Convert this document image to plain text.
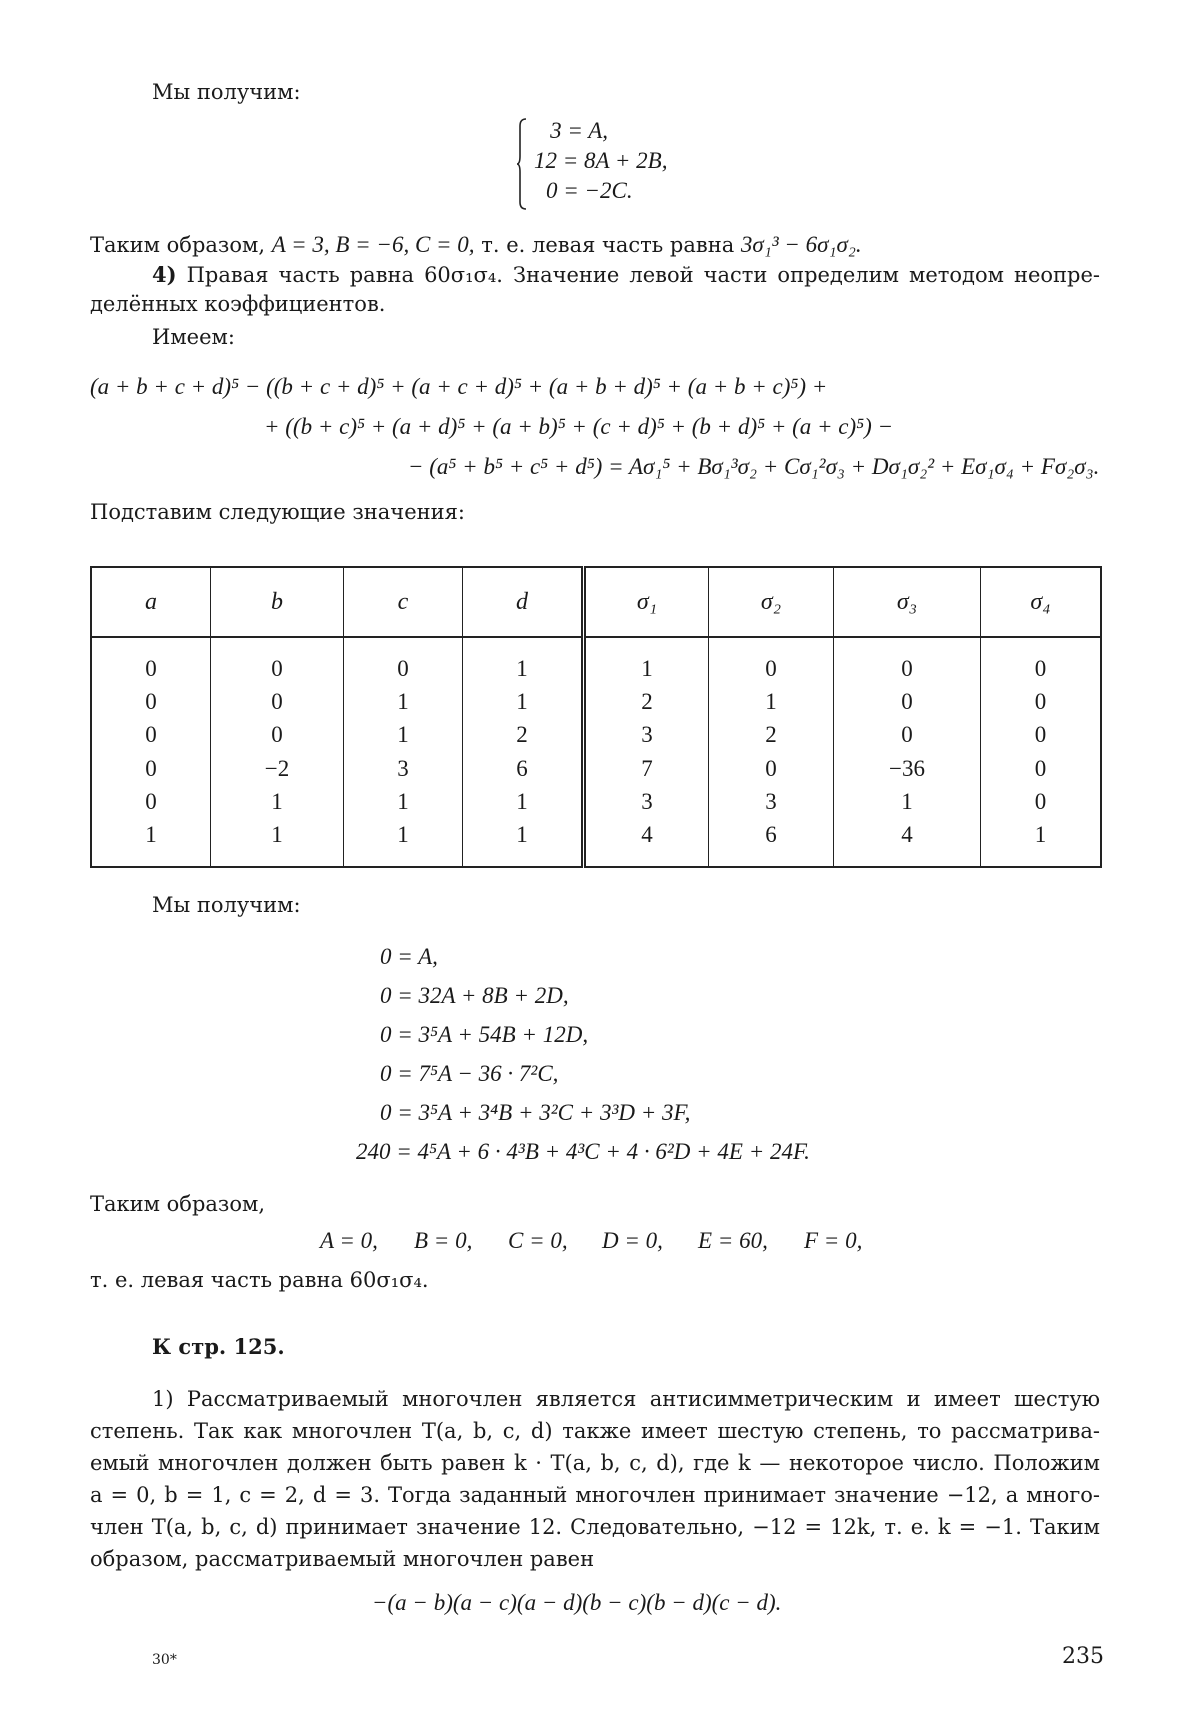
Мы получим:
3 = A,
12 = 8A + 2B,
0 = −2C.
Таким образом, A = 3, B = −6, C = 0, т. е. левая часть равна 3σ₁³ − 6σ₁σ₂.
4) Правая часть равна 60σ₁σ₄. Значение левой части определим методом неопре-
делённых коэффициентов.
Имеем:
(a + b + c + d)⁵ − ((b + c + d)⁵ + (a + c + d)⁵ + (a + b + d)⁵ + (a + b + c)⁵) +
+ ((b + c)⁵ + (a + d)⁵ + (a + b)⁵ + (c + d)⁵ + (b + d)⁵ + (a + c)⁵) −
− (a⁵ + b⁵ + c⁵ + d⁵) = Aσ₁⁵ + Bσ₁³σ₂ + Cσ₁²σ₃ + Dσ₁σ₂² + Eσ₁σ₄ + Fσ₂σ₃.
Подставим следующие значения:
a	b	c	d	σ₁	σ₂	σ₃	σ₄
0	0	0	1	1	0	0	0
0	0	1	1	2	1	0	0
0	0	1	2	3	2	0	0
0	−2	3	6	7	0	−36	0
0	1	1	1	3	3	1	0
1	1	1	1	4	6	4	1
Мы получим:
0 = A,
0 = 32A + 8B + 2D,
0 = 3⁵A + 54B + 12D,
0 = 7⁵A − 36 · 7²C,
0 = 3⁵A + 3⁴B + 3²C + 3³D + 3F,
240 = 4⁵A + 6 · 4³B + 4³C + 4 · 6²D + 4E + 24F.
Таким образом,
A = 0, B = 0, C = 0, D = 0, E = 60, F = 0,
т. е. левая часть равна 60σ₁σ₄.
К стр. 125.
1) Рассматриваемый многочлен является антисимметрическим и имеет шестую
степень. Так как многочлен T(a, b, c, d) также имеет шестую степень, то рассматрива-
емый многочлен должен быть равен k · T(a, b, c, d), где k — некоторое число. Положим
a = 0, b = 1, c = 2, d = 3. Тогда заданный многочлен принимает значение −12, а много-
член T(a, b, c, d) принимает значение 12. Следовательно, −12 = 12k, т. е. k = −1. Таким
образом, рассматриваемый многочлен равен
−(a − b)(a − c)(a − d)(b − c)(b − d)(c − d).
30*	235
